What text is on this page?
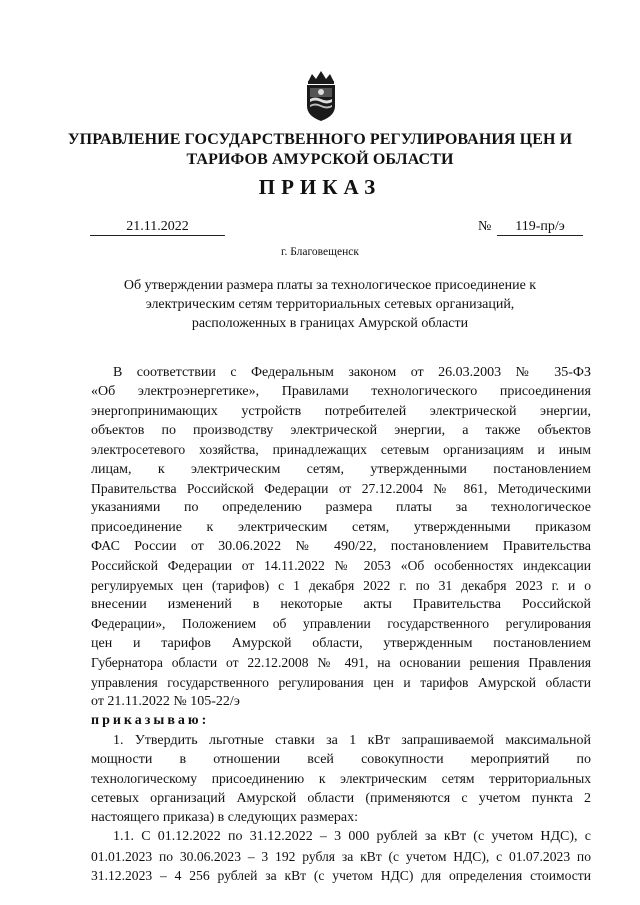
УПРАВЛЕНИЕ ГОСУДАРСТВЕННОГО РЕГУЛИРОВАНИЯ ЦЕН И
ТАРИФОВ АМУРСКОЙ ОБЛАСТИ
ПРИКАЗ
21.11.2022	№	119-пр/э
г. Благовещенск
Об утверждении размера платы за технологическое присоединение к
электрическим сетям территориальных сетевых организаций,
расположенных в границах Амурской области
В соответствии с Федеральным законом от 26.03.2003 № 35-ФЗ
«Об электроэнергетике», Правилами технологического присоединения
энергопринимающих устройств потребителей электрической энергии,
объектов по производству электрической энергии, а также объектов
электросетевого хозяйства, принадлежащих сетевым организациям и иным
лицам, к электрическим сетям, утвержденными постановлением
Правительства Российской Федерации от 27.12.2004 № 861, Методическими
указаниями по определению размера платы за технологическое
присоединение к электрическим сетям, утвержденными приказом
ФАС России от 30.06.2022 № 490/22, постановлением Правительства
Российской Федерации от 14.11.2022 № 2053 «Об особенностях индексации
регулируемых цен (тарифов) с 1 декабря 2022 г. по 31 декабря 2023 г. и о
внесении изменений в некоторые акты Правительства Российской
Федерации», Положением об управлении государственного регулирования
цен и тарифов Амурской области, утвержденным постановлением
Губернатора области от 22.12.2008 № 491, на основании решения Правления
управления государственного регулирования цен и тарифов Амурской области
от 21.11.2022 № 105-22/э
приказываю:
1. Утвердить льготные ставки за 1 кВт запрашиваемой максимальной
мощности в отношении всей совокупности мероприятий по
технологическому присоединению к электрическим сетям территориальных
сетевых организаций Амурской области (применяются с учетом пункта 2
настоящего приказа) в следующих размерах:
1.1. С 01.12.2022 по 31.12.2022 – 3 000 рублей за кВт (с учетом НДС), с
01.01.2023 по 30.06.2023 – 3 192 рубля за кВт (с учетом НДС), с 01.07.2023 по
31.12.2023 – 4 256 рублей за кВт (с учетом НДС) для определения стоимости
